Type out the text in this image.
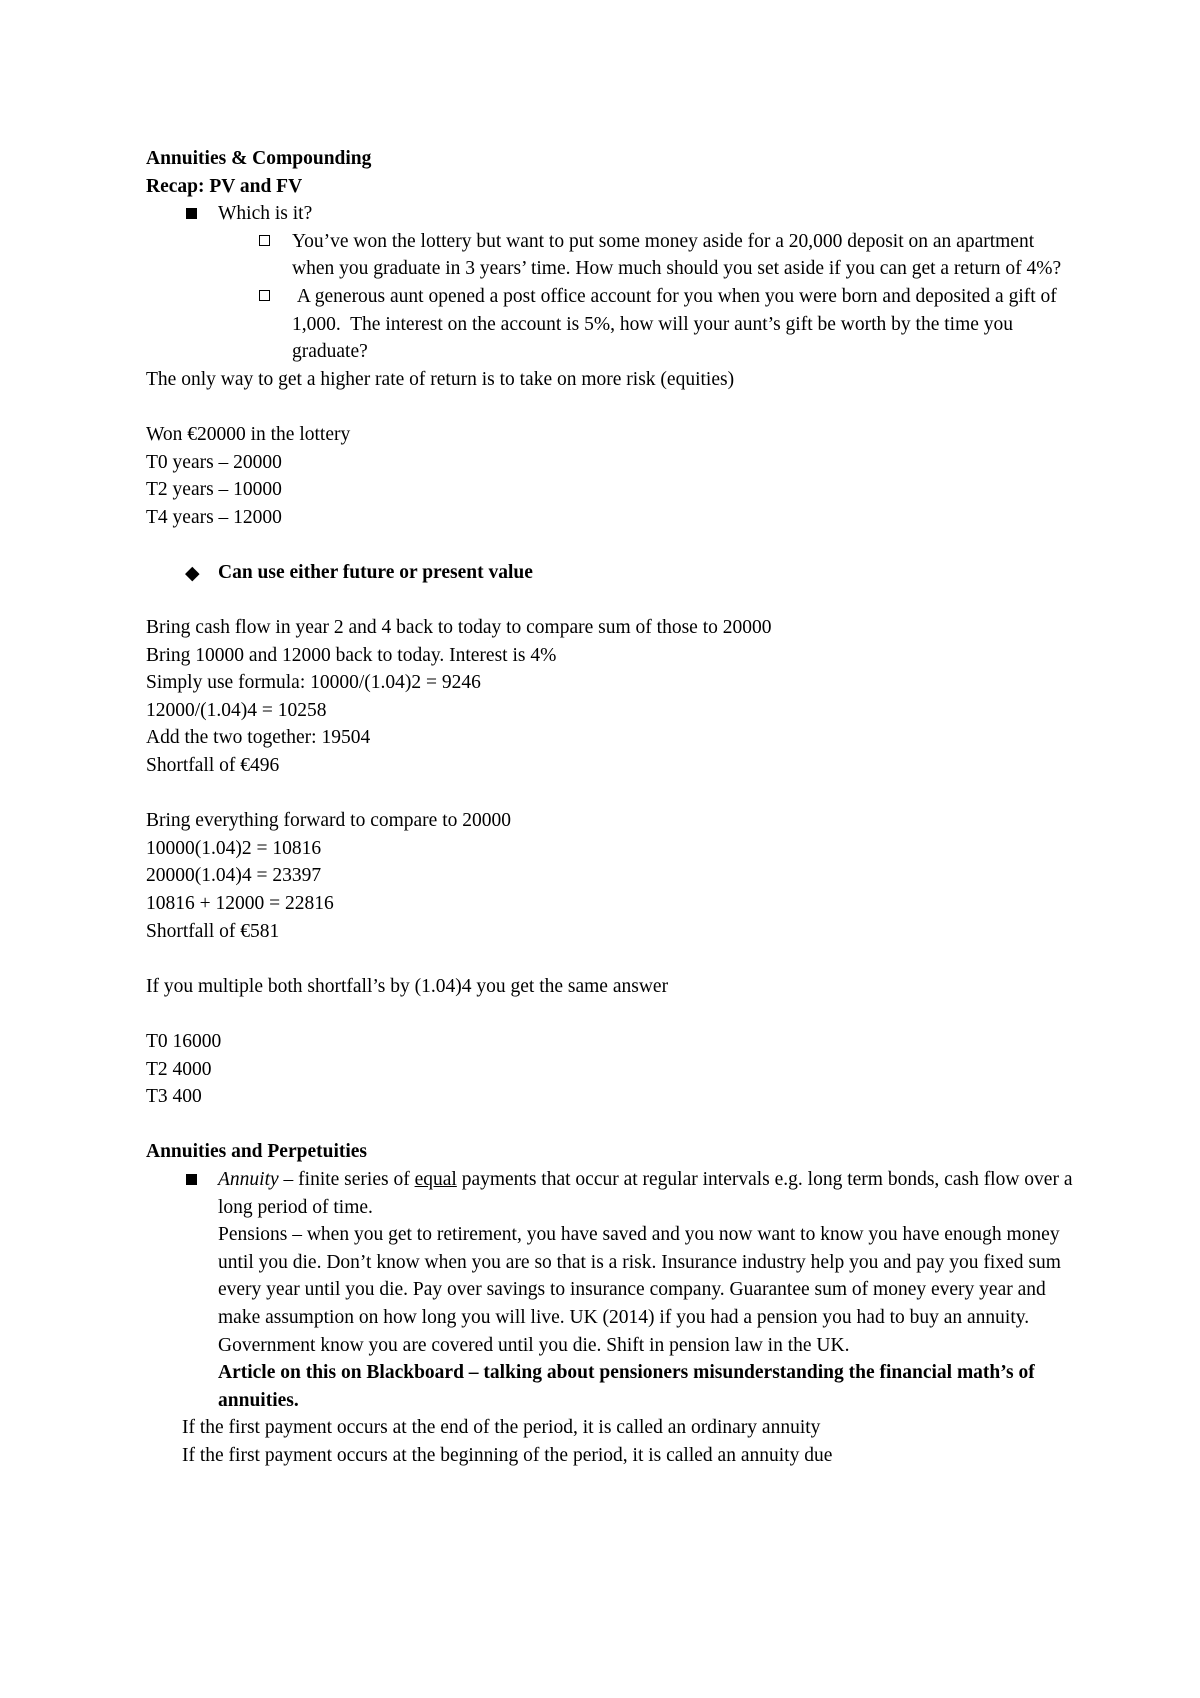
Annuities & Compounding

Recap: PV and FV

Which is it?

You’ve won the lottery but want to put some money aside for a 20,000 deposit on an apartment when you graduate in 3 years’ time. How much should you set aside if you can get a return of 4%?

A generous aunt opened a post office account for you when you were born and deposited a gift of 1,000.  The interest on the account is 5%, how will your aunt’s gift be worth by the time you graduate?

The only way to get a higher rate of return is to take on more risk (equities)

Won €20000 in the lottery

T0 years – 20000

T2 years – 10000

T4 years – 12000

◆ Can use either future or present value

Bring cash flow in year 2 and 4 back to today to compare sum of those to 20000

Bring 10000 and 12000 back to today. Interest is 4%

Simply use formula: 10000/(1.04)2 = 9246

12000/(1.04)4 = 10258

Add the two together: 19504

Shortfall of €496

Bring everything forward to compare to 20000

10000(1.04)2 = 10816

20000(1.04)4 = 23397

10816 + 12000 = 22816

Shortfall of €581

If you multiple both shortfall’s by (1.04)4 you get the same answer

T0 16000

T2 4000

T3 400

Annuities and Perpetuities

Annuity – finite series of equal payments that occur at regular intervals e.g. long term bonds, cash flow over a long period of time.

Pensions – when you get to retirement, you have saved and you now want to know you have enough money until you die. Don’t know when you are so that is a risk. Insurance industry help you and pay you fixed sum every year until you die. Pay over savings to insurance company. Guarantee sum of money every year and make assumption on how long you will live. UK (2014) if you had a pension you had to buy an annuity. Government know you are covered until you die. Shift in pension law in the UK.

Article on this on Blackboard – talking about pensioners misunderstanding the financial math’s of annuities.

If the first payment occurs at the end of the period, it is called an ordinary annuity

If the first payment occurs at the beginning of the period, it is called an annuity due
